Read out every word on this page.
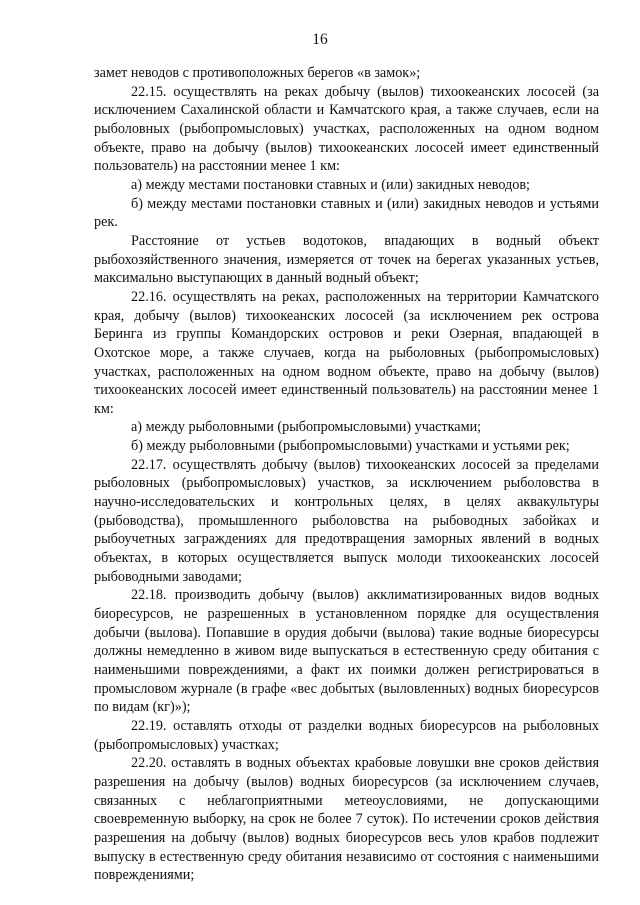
16

замет неводов с противоположных берегов «в замок»;

22.15. осуществлять на реках добычу (вылов) тихоокеанских лососей (за исключением Сахалинской области и Камчатского края, а также случаев, если на рыболовных (рыбопромысловых) участках, расположенных на одном водном объекте, право на добычу (вылов) тихоокеанских лососей имеет единственный пользователь) на расстоянии менее 1 км:

а) между местами постановки ставных и (или) закидных неводов;

б) между местами постановки ставных и (или) закидных неводов и устьями рек.

Расстояние от устьев водотоков, впадающих в водный объект рыбохозяйственного значения, измеряется от точек на берегах указанных устьев, максимально выступающих в данный водный объект;

22.16. осуществлять на реках, расположенных на территории Камчатского края, добычу (вылов) тихоокеанских лососей (за исключением рек острова Беринга из группы Командорских островов и реки Озерная, впадающей в Охотское море, а также случаев, когда на рыболовных (рыбопромысловых) участках, расположенных на одном водном объекте, право на добычу (вылов) тихоокеанских лососей имеет единственный пользователь) на расстоянии менее 1 км:

а) между рыболовными (рыбопромысловыми) участками;

б) между рыболовными (рыбопромысловыми) участками и устьями рек;

22.17. осуществлять добычу (вылов) тихоокеанских лососей за пределами рыболовных (рыбопромысловых) участков, за исключением рыболовства в научно-исследовательских и контрольных целях, в целях аквакультуры (рыбоводства), промышленного рыболовства на рыбоводных забойках и рыбоучетных заграждениях для предотвращения заморных явлений в водных объектах, в которых осуществляется выпуск молоди тихоокеанских лососей рыбоводными заводами;

22.18. производить добычу (вылов) акклиматизированных видов водных биоресурсов, не разрешенных в установленном порядке для осуществления добычи (вылова). Попавшие в орудия добычи (вылова) такие водные биоресурсы должны немедленно в живом виде выпускаться в естественную среду обитания с наименьшими повреждениями, а факт их поимки должен регистрироваться в промысловом журнале (в графе «вес добытых (выловленных) водных биоресурсов по видам (кг)»);

22.19. оставлять отходы от разделки водных биоресурсов на рыболовных (рыбопромысловых) участках;

22.20. оставлять в водных объектах крабовые ловушки вне сроков действия разрешения на добычу (вылов) водных биоресурсов (за исключением случаев, связанных с неблагоприятными метеоусловиями, не допускающими своевременную выборку, на срок не более 7 суток). По истечении сроков действия разрешения на добычу (вылов) водных биоресурсов весь улов крабов подлежит выпуску в естественную среду обитания независимо от состояния с наименьшими повреждениями;
